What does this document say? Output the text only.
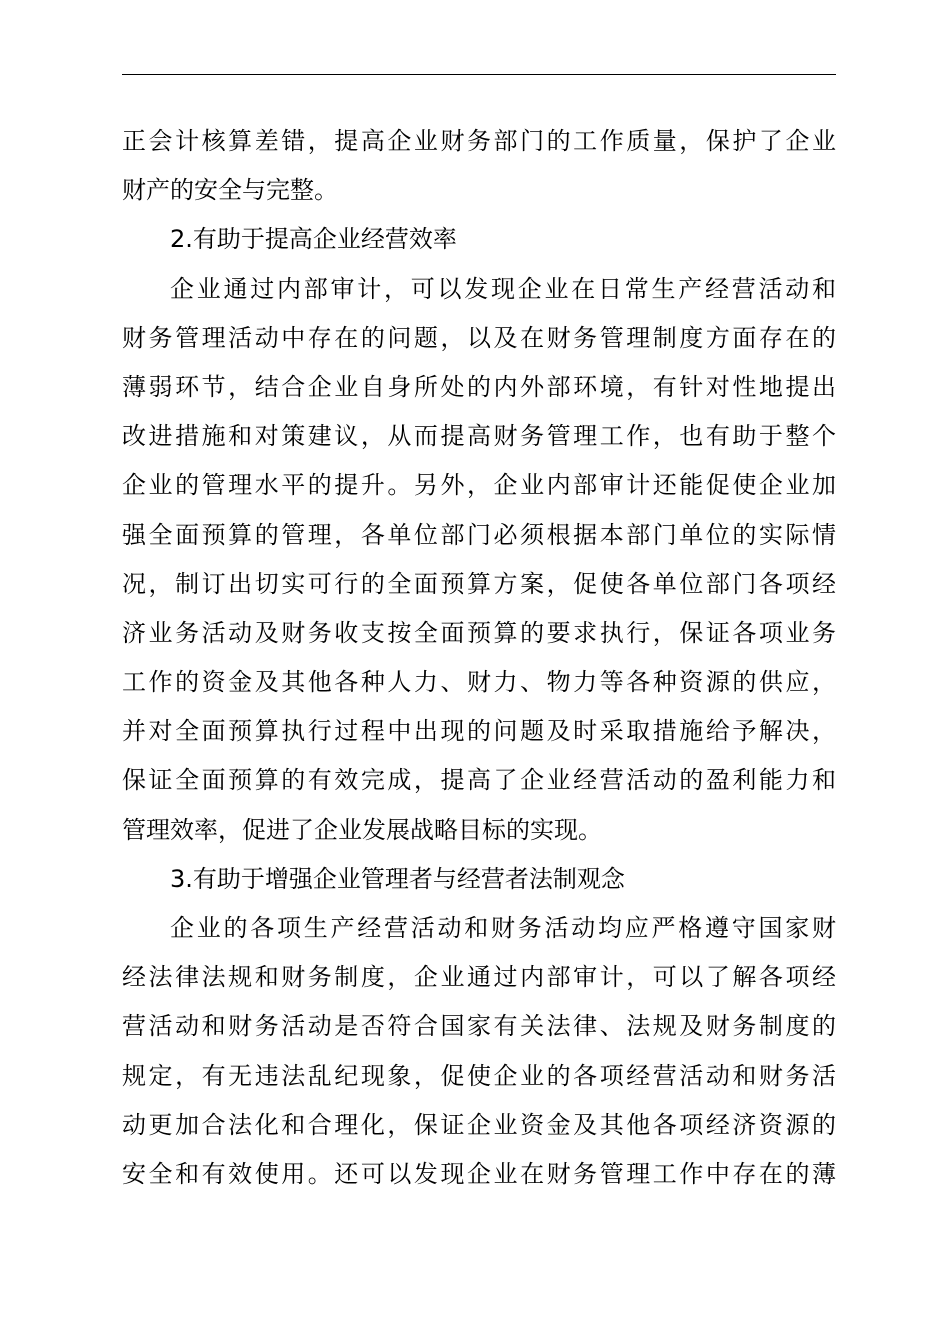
正会计核算差错，提高企业财务部门的工作质量，保护了企业
财产的安全与完整。
2.有助于提高企业经营效率
企业通过内部审计，可以发现企业在日常生产经营活动和
财务管理活动中存在的问题，以及在财务管理制度方面存在的
薄弱环节，结合企业自身所处的内外部环境，有针对性地提出
改进措施和对策建议，从而提高财务管理工作，也有助于整个
企业的管理水平的提升。另外，企业内部审计还能促使企业加
强全面预算的管理，各单位部门必须根据本部门单位的实际情
况，制订出切实可行的全面预算方案，促使各单位部门各项经
济业务活动及财务收支按全面预算的要求执行，保证各项业务
工作的资金及其他各种人力、财力、物力等各种资源的供应，
并对全面预算执行过程中出现的问题及时采取措施给予解决，
保证全面预算的有效完成，提高了企业经营活动的盈利能力和
管理效率，促进了企业发展战略目标的实现。
3.有助于增强企业管理者与经营者法制观念
企业的各项生产经营活动和财务活动均应严格遵守国家财
经法律法规和财务制度，企业通过内部审计，可以了解各项经
营活动和财务活动是否符合国家有关法律、法规及财务制度的
规定，有无违法乱纪现象，促使企业的各项经营活动和财务活
动更加合法化和合理化，保证企业资金及其他各项经济资源的
安全和有效使用。还可以发现企业在财务管理工作中存在的薄
